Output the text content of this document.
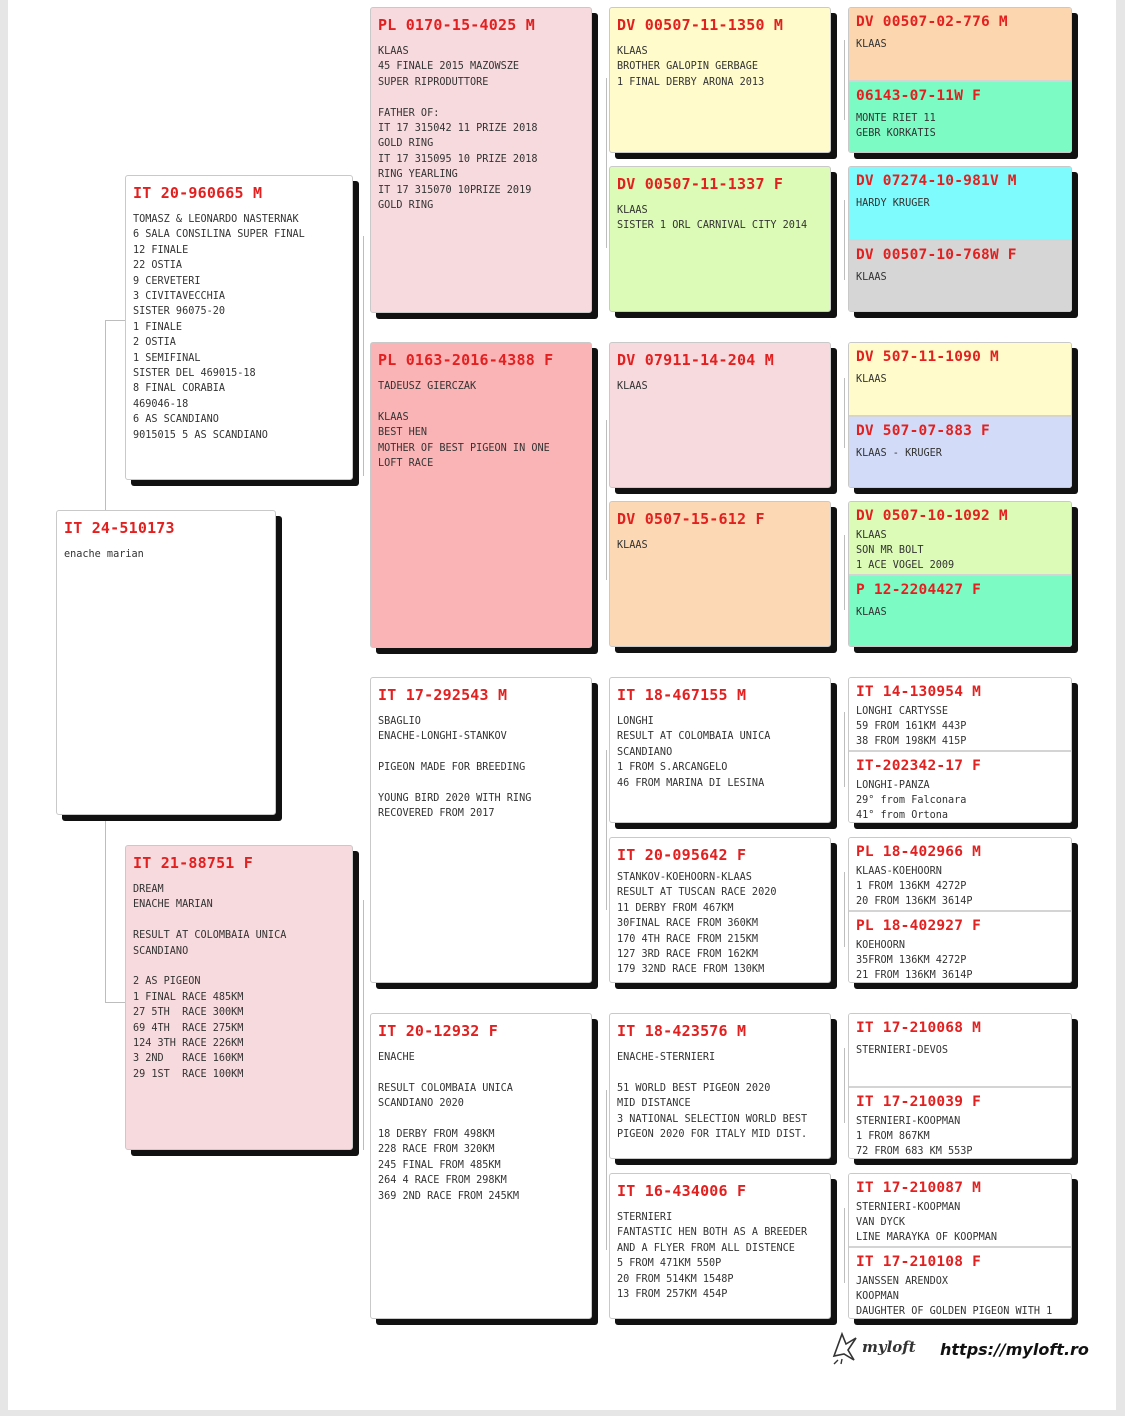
IT 24-510173
enache marian
IT 20-960665 M
TOMASZ & LEONARDO NASTERNAK
6 SALA CONSILINA SUPER FINAL
12 FINALE
22 OSTIA
9 CERVETERI
3 CIVITAVECCHIA
SISTER 96075-20
1 FINALE
2 OSTIA
1 SEMIFINAL
SISTER DEL 469015-18
8 FINAL CORABIA
469046-18
6 AS SCANDIANO
9015015 5 AS SCANDIANO
IT 21-88751 F
DREAM
ENACHE MARIAN

RESULT AT COLOMBAIA UNICA
SCANDIANO

2 AS PIGEON
1 FINAL RACE 485KM
27 5TH  RACE 300KM
69 4TH  RACE 275KM
124 3TH RACE 226KM
3 2ND   RACE 160KM
29 1ST  RACE 100KM
PL 0170-15-4025 M
KLAAS
45 FINALE 2015 MAZOWSZE
SUPER RIPRODUTTORE

FATHER OF:
IT 17 315042 11 PRIZE 2018
GOLD RING
IT 17 315095 10 PRIZE 2018
RING YEARLING
IT 17 315070 10PRIZE 2019
GOLD RING
PL 0163-2016-4388 F
TADEUSZ GIERCZAK

KLAAS
BEST HEN
MOTHER OF BEST PIGEON IN ONE
LOFT RACE
IT 17-292543 M
SBAGLIO
ENACHE-LONGHI-STANKOV

PIGEON MADE FOR BREEDING

YOUNG BIRD 2020 WITH RING
RECOVERED FROM 2017
IT 20-12932 F
ENACHE

RESULT COLOMBAIA UNICA
SCANDIANO 2020

18 DERBY FROM 498KM
228 RACE FROM 320KM
245 FINAL FROM 485KM
264 4 RACE FROM 298KM
369 2ND RACE FROM 245KM
DV 00507-11-1350 M
KLAAS
BROTHER GALOPIN GERBAGE
1 FINAL DERBY ARONA 2013
DV 00507-11-1337 F
KLAAS
SISTER 1 ORL CARNIVAL CITY 2014
DV 07911-14-204 M
KLAAS
DV 0507-15-612 F
KLAAS
IT 18-467155 M
LONGHI
RESULT AT COLOMBAIA UNICA
SCANDIANO
1 FROM S.ARCANGELO
46 FROM MARINA DI LESINA
IT 20-095642 F
STANKOV-KOEHOORN-KLAAS
RESULT AT TUSCAN RACE 2020
11 DERBY FROM 467KM
30FINAL RACE FROM 360KM
170 4TH RACE FROM 215KM
127 3RD RACE FROM 162KM
179 32ND RACE FROM 130KM
IT 18-423576 M
ENACHE-STERNIERI

51 WORLD BEST PIGEON 2020
MID DISTANCE
3 NATIONAL SELECTION WORLD BEST
PIGEON 2020 FOR ITALY MID DIST.
IT 16-434006 F
STERNIERI
FANTASTIC HEN BOTH AS A BREEDER
AND A FLYER FROM ALL DISTENCE
5 FROM 471KM 550P
20 FROM 514KM 1548P
13 FROM 257KM 454P
DV 00507-02-776 M
KLAAS
06143-07-11W F
MONTE RIET 11
GEBR KORKATIS
DV 07274-10-981V M
HARDY KRUGER
DV 00507-10-768W F
KLAAS
DV 507-11-1090 M
KLAAS
DV 507-07-883 F
KLAAS - KRUGER
DV 0507-10-1092 M
KLAAS
SON MR BOLT
1 ACE VOGEL 2009
P 12-2204427 F
KLAAS
IT 14-130954 M
LONGHI CARTYSSE
59 FROM 161KM 443P
38 FROM 198KM 415P
IT-202342-17 F
LONGHI-PANZA
29° from Falconara
41° from Ortona
PL 18-402966 M
KLAAS-KOEHOORN
1 FROM 136KM 4272P
20 FROM 136KM 3614P
PL 18-402927 F
KOEHOORN
35FROM 136KM 4272P
21 FROM 136KM 3614P
IT 17-210068 M
STERNIERI-DEVOS
IT 17-210039 F
STERNIERI-KOOPMAN
1 FROM 867KM
72 FROM 683 KM 553P
IT 17-210087 M
STERNIERI-KOOPMAN
VAN DYCK
LINE MARAYKA OF KOOPMAN
IT 17-210108 F
JANSSEN ARENDOX
KOOPMAN
DAUGHTER OF GOLDEN PIGEON WITH 1
myloft https://myloft.ro
